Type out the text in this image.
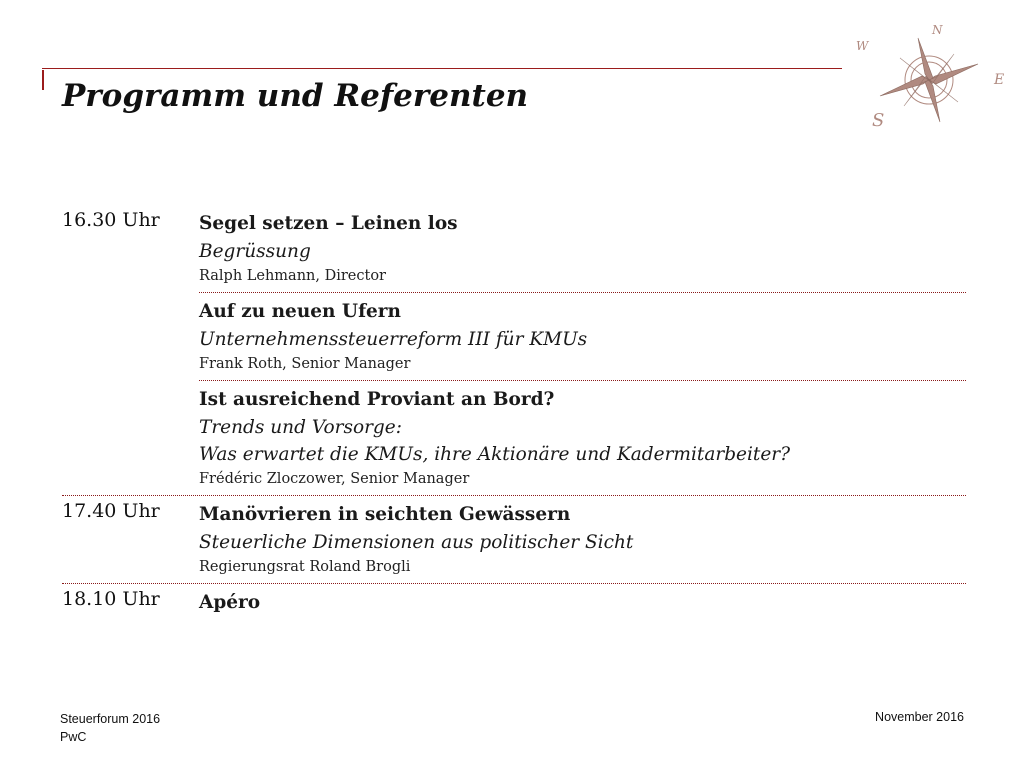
Programm und Referenten
W
N
E
S
16.30 Uhr Segel setzen – Leinen los
Begrüssung
Ralph Lehmann, Director
Auf zu neuen Ufern
Unternehmenssteuerreform III für KMUs
Frank Roth, Senior Manager
Ist ausreichend Proviant an Bord?
Trends und Vorsorge:
Was erwartet die KMUs, ihre Aktionäre und Kadermitarbeiter?
Frédéric Zloczower, Senior Manager
17.40 Uhr Manövrieren in seichten Gewässern
Steuerliche Dimensionen aus politischer Sicht
Regierungsrat Roland Brogli
18.10 Uhr Apéro
Steuerforum 2016
PwC
November 2016
